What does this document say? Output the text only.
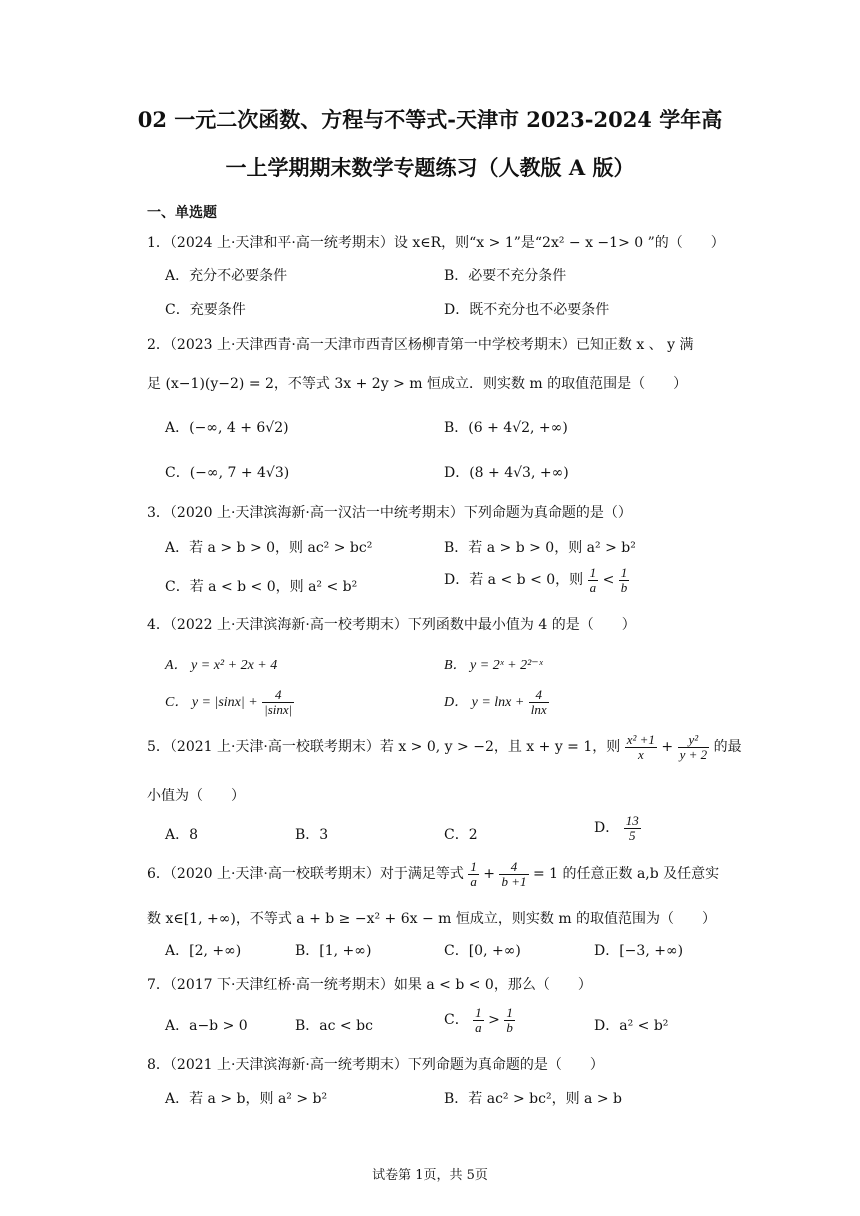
02 一元二次函数、方程与不等式-天津市 2023-2024 学年高
一上学期期末数学专题练习（人教版 A 版）
一、单选题
1．（2024 上·天津和平·高一统考期末）设 x∈R，则“x > 1”是“2x² − x −1> 0 ”的（　　）
A．充分不必要条件	B．必要不充分条件
C．充要条件	D．既不充分也不必要条件
2．（2023 上·天津西青·高一天津市西青区杨柳青第一中学校考期末）已知正数 x 、 y 满
足 (x−1)(y−2) = 2，不等式 3x + 2y > m 恒成立．则实数 m 的取值范围是（　　）
A．(−∞, 4 + 6√2)	B．(6 + 4√2, +∞)
C．(−∞, 7 + 4√3)	D．(8 + 4√3, +∞)
3．（2020 上·天津滨海新·高一汉沽一中统考期末）下列命题为真命题的是（）
A．若 a > b > 0，则 ac² > bc²	B．若 a > b > 0，则 a² > b²
C．若 a < b < 0，则 a² < b²	D．若 a < b < 0，则 $\frac{1}{a} < \frac{1}{b}$
4．（2022 上·天津滨海新·高一校考期末）下列函数中最小值为 4 的是（　　）
A． y = x² + 2x + 4	B． y = 2ˣ + 2²⁻ˣ
C． $y = |\sin x| + \frac{4}{|\sin x|}$	D． $y = \ln x + \frac{4}{\ln x}$
5．（2021 上·天津·高一校联考期末）若 x > 0, y > −2，且 x + y = 1，则 $\frac{\text{x² +1}}{x} + \frac{\text{y²}}{y + 2}$ 的最
小值为（　　）
A．8	B．3	C．2	D． $\frac{13}{5}$
6．（2020 上·天津·高一校联考期末）对于满足等式 $\frac{1}{a} + \frac{4}{b +1} = 1$ 的任意正数 a,b 及任意实
数 x∈[1, +∞)，不等式 a + b ≥ −x² + 6x − m 恒成立，则实数 m 的取值范围为（　　）
A．[2, +∞)	B．[1, +∞)	C．[0, +∞)	D．[−3, +∞)
7．（2017 下·天津红桥·高一统考期末）如果 a < b < 0，那么（　　）
A．a−b > 0	B．ac < bc	C． $\frac{1}{a} > \frac{1}{b}$	D．a² < b²
8．（2021 上·天津滨海新·高一统考期末）下列命题为真命题的是（　　）
A．若 a > b，则 a² > b²	B．若 ac² > bc²，则 a > b
试卷第 1页，共 5页
